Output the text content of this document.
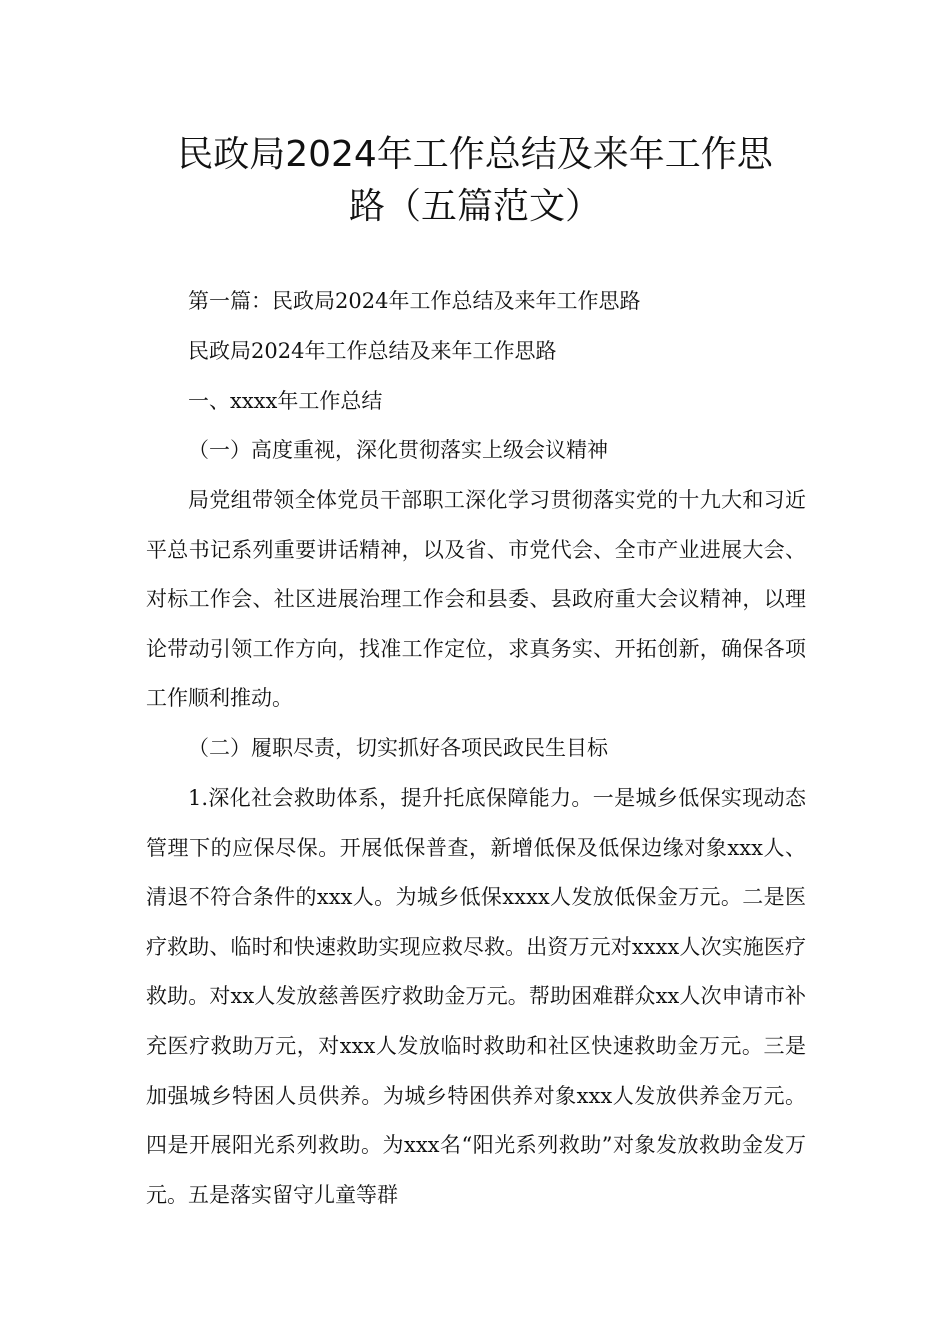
民政局2024年工作总结及来年工作思
路（五篇范文）

第一篇：民政局2024年工作总结及来年工作思路

民政局2024年工作总结及来年工作思路

一、xxxx年工作总结

（一）高度重视，深化贯彻落实上级会议精神

局党组带领全体党员干部职工深化学习贯彻落实党的十九大和习近平总书记系列重要讲话精神，以及省、市党代会、全市产业进展大会、对标工作会、社区进展治理工作会和县委、县政府重大会议精神，以理论带动引领工作方向，找准工作定位，求真务实、开拓创新，确保各项工作顺利推动。

（二）履职尽责，切实抓好各项民政民生目标

1.深化社会救助体系，提升托底保障能力。一是城乡低保实现动态管理下的应保尽保。开展低保普查，新增低保及低保边缘对象xxx人、清退不符合条件的xxx人。为城乡低保xxxx人发放低保金万元。二是医疗救助、临时和快速救助实现应救尽救。出资万元对xxxx人次实施医疗救助。对xx人发放慈善医疗救助金万元。帮助困难群众xx人次申请市补充医疗救助万元，对xxx人发放临时救助和社区快速救助金万元。三是加强城乡特困人员供养。为城乡特困供养对象xxx人发放供养金万元。四是开展阳光系列救助。为xxx名“阳光系列救助”对象发放救助金发万元。五是落实留守儿童等群
